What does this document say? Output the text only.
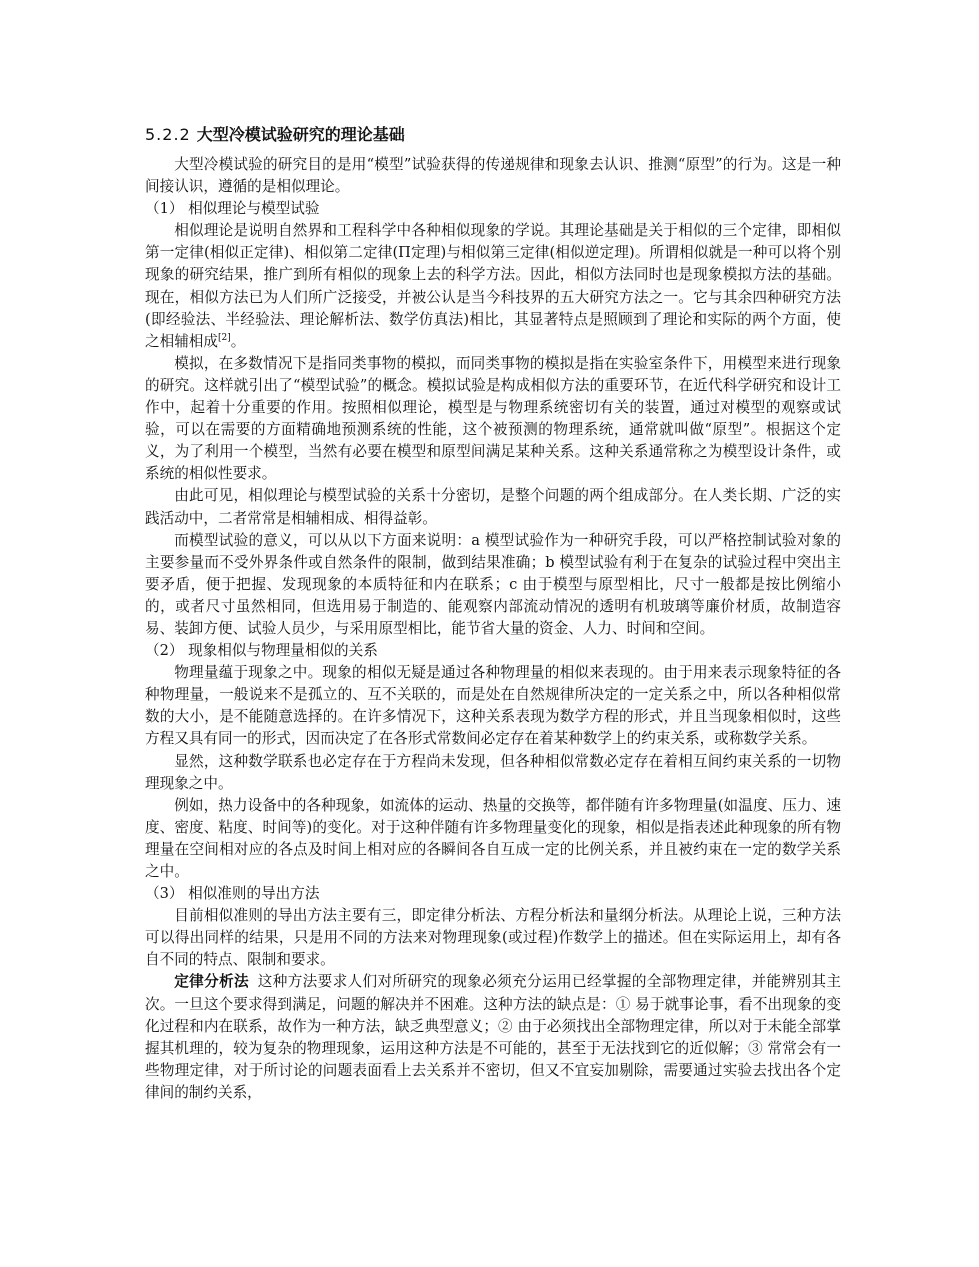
5.2.2 大型冷模试验研究的理论基础

大型冷模试验的研究目的是用“模型”试验获得的传递规律和现象去认识、推测“原型”的行为。这是一种间接认识，遵循的是相似理论。

（1） 相似理论与模型试验

相似理论是说明自然界和工程科学中各种相似现象的学说。其理论基础是关于相似的三个定律，即相似第一定律(相似正定律)、相似第二定律(Π定理)与相似第三定律(相似逆定理)。所谓相似就是一种可以将个别现象的研究结果，推广到所有相似的现象上去的科学方法。因此，相似方法同时也是现象模拟方法的基础。现在，相似方法已为人们所广泛接受，并被公认是当今科技界的五大研究方法之一。它与其余四种研究方法(即经验法、半经验法、理论解析法、数学仿真法)相比，其显著特点是照顾到了理论和实际的两个方面，使之相辅相成[2]。

模拟，在多数情况下是指同类事物的模拟，而同类事物的模拟是指在实验室条件下，用模型来进行现象的研究。这样就引出了“模型试验”的概念。模拟试验是构成相似方法的重要环节，在近代科学研究和设计工作中，起着十分重要的作用。按照相似理论，模型是与物理系统密切有关的装置，通过对模型的观察或试验，可以在需要的方面精确地预测系统的性能，这个被预测的物理系统，通常就叫做“原型”。根据这个定义，为了利用一个模型，当然有必要在模型和原型间满足某种关系。这种关系通常称之为模型设计条件，或系统的相似性要求。

由此可见，相似理论与模型试验的关系十分密切，是整个问题的两个组成部分。在人类长期、广泛的实践活动中，二者常常是相辅相成、相得益彰。

而模型试验的意义，可以从以下方面来说明：a 模型试验作为一种研究手段，可以严格控制试验对象的主要参量而不受外界条件或自然条件的限制，做到结果准确；b 模型试验有利于在复杂的试验过程中突出主要矛盾，便于把握、发现现象的本质特征和内在联系；c 由于模型与原型相比，尺寸一般都是按比例缩小的，或者尺寸虽然相同，但选用易于制造的、能观察内部流动情况的透明有机玻璃等廉价材质，故制造容易、装卸方便、试验人员少，与采用原型相比，能节省大量的资金、人力、时间和空间。

（2） 现象相似与物理量相似的关系

物理量蕴于现象之中。现象的相似无疑是通过各种物理量的相似来表现的。由于用来表示现象特征的各种物理量，一般说来不是孤立的、互不关联的，而是处在自然规律所决定的一定关系之中，所以各种相似常数的大小，是不能随意选择的。在许多情况下，这种关系表现为数学方程的形式，并且当现象相似时，这些方程又具有同一的形式，因而决定了在各形式常数间必定存在着某种数学上的约束关系，或称数学关系。

显然，这种数学联系也必定存在于方程尚未发现，但各种相似常数必定存在着相互间约束关系的一切物理现象之中。

例如，热力设备中的各种现象，如流体的运动、热量的交换等，都伴随有许多物理量(如温度、压力、速度、密度、粘度、时间等)的变化。对于这种伴随有许多物理量变化的现象，相似是指表述此种现象的所有物理量在空间相对应的各点及时间上相对应的各瞬间各自互成一定的比例关系，并且被约束在一定的数学关系之中。

（3） 相似准则的导出方法

目前相似准则的导出方法主要有三，即定律分析法、方程分析法和量纲分析法。从理论上说，三种方法可以得出同样的结果，只是用不同的方法来对物理现象(或过程)作数学上的描述。但在实际运用上，却有各自不同的特点、限制和要求。

定律分析法 这种方法要求人们对所研究的现象必须充分运用已经掌握的全部物理定律，并能辨别其主次。一旦这个要求得到满足，问题的解决并不困难。这种方法的缺点是：① 易于就事论事，看不出现象的变化过程和内在联系，故作为一种方法，缺乏典型意义；② 由于必须找出全部物理定律，所以对于未能全部掌握其机理的，较为复杂的物理现象，运用这种方法是不可能的，甚至于无法找到它的近似解；③ 常常会有一些物理定律，对于所讨论的问题表面看上去关系并不密切，但又不宜妄加剔除，需要通过实验去找出各个定律间的制约关系，
